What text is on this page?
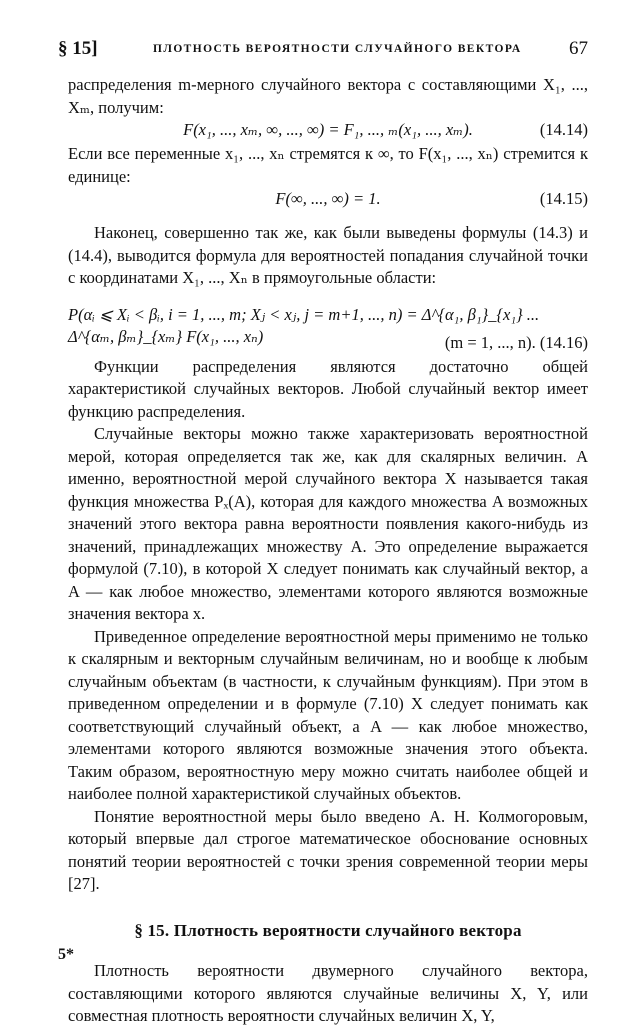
§ 15]	ПЛОТНОСТЬ ВЕРОЯТНОСТИ СЛУЧАЙНОГО ВЕКТОРА 67

распределения m-мерного случайного вектора с составляющими X₁, ..., Xₘ, получим:

F(x₁, ..., xₘ, ∞, ..., ∞) = F₁, ..., ₘ(x₁, ..., xₘ).	(14.14)

Если все переменные x₁, ..., xₙ стремятся к ∞, то F(x₁, ..., xₙ) стремится к единице:

F(∞, ..., ∞) = 1.	(14.15)

Наконец, совершенно так же, как были выведены формулы (14.3) и (14.4), выводится формула для вероятностей попадания случайной точки с координатами X₁, ..., Xₙ в прямоугольные области:

P(αᵢ ⩽ Xᵢ < βᵢ, i = 1, ..., m; Xⱼ < xⱼ, j = m+1, ..., n) = Δ^{α₁, β₁}_{x₁} ... Δ^{αₘ, βₘ}_{xₘ} F(x₁, ..., xₙ)	(m = 1, ..., n). (14.16)

Функции распределения являются достаточно общей характеристикой случайных векторов. Любой случайный вектор имеет функцию распределения.

Случайные векторы можно также характеризовать вероятностной мерой, которая определяется так же, как для скалярных величин. А именно, вероятностной мерой случайного вектора X называется такая функция множества Pₓ(A), которая для каждого множества A возможных значений этого вектора равна вероятности появления какого-нибудь из значений, принадлежащих множеству A. Это определение выражается формулой (7.10), в которой X следует понимать как случайный вектор, а A — как любое множество, элементами которого являются возможные значения вектора x.

Приведенное определение вероятностной меры применимо не только к скалярным и векторным случайным величинам, но и вообще к любым случайным объектам (в частности, к случайным функциям). При этом в приведенном определении и в формуле (7.10) X следует понимать как соответствующий случайный объект, а A — как любое множество, элементами которого являются возможные значения этого объекта. Таким образом, вероятностную меру можно считать наиболее общей и наиболее полной характеристикой случайных объектов.

Понятие вероятностной меры было введено А. Н. Колмогоровым, который впервые дал строгое математическое обоснование основных понятий теории вероятностей с точки зрения современной теории меры [27].

§ 15. Плотность вероятности случайного вектора

Плотность вероятности двумерного случайного вектора, составляющими которого являются случайные величины X, Y, или совместная плотность вероятности случайных величин X, Y,

5*
